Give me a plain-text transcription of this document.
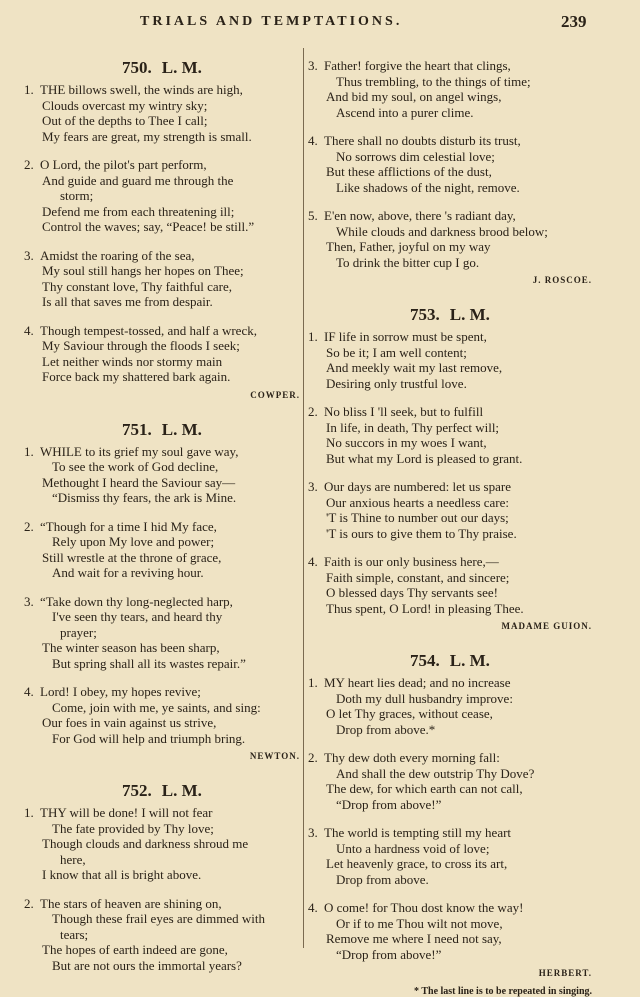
TRIALS AND TEMPTATIONS.	239
750. L. M.
1. THE billows swell, the winds are high,
Clouds overcast my wintry sky;
Out of the depths to Thee I call;
My fears are great, my strength is small.
2. O Lord, the pilot's part perform,
And guide and guard me through the
storm;
Defend me from each threatening ill;
Control the waves; say, “Peace! be still.”
3. Amidst the roaring of the sea,
My soul still hangs her hopes on Thee;
Thy constant love, Thy faithful care,
Is all that saves me from despair.
4. Though tempest-tossed, and half a wreck,
My Saviour through the floods I seek;
Let neither winds nor stormy main
Force back my shattered bark again.
COWPER.
751. L. M.
1. WHILE to its grief my soul gave way,
To see the work of God decline,
Methought I heard the Saviour say—
“Dismiss thy fears, the ark is Mine.
2. “Though for a time I hid My face,
Rely upon My love and power;
Still wrestle at the throne of grace,
And wait for a reviving hour.
3. “Take down thy long-neglected harp,
I've seen thy tears, and heard thy
prayer;
The winter season has been sharp,
But spring shall all its wastes repair.”
4. Lord! I obey, my hopes revive;
Come, join with me, ye saints, and sing:
Our foes in vain against us strive,
For God will help and triumph bring.
NEWTON.
752. L. M.
1. THY will be done! I will not fear
The fate provided by Thy love;
Though clouds and darkness shroud me
here,
I know that all is bright above.
2. The stars of heaven are shining on,
Though these frail eyes are dimmed with
tears;
The hopes of earth indeed are gone,
But are not ours the immortal years?
3. Father! forgive the heart that clings,
Thus trembling, to the things of time;
And bid my soul, on angel wings,
Ascend into a purer clime.
4. There shall no doubts disturb its trust,
No sorrows dim celestial love;
But these afflictions of the dust,
Like shadows of the night, remove.
5. E'en now, above, there 's radiant day,
While clouds and darkness brood below;
Then, Father, joyful on my way
To drink the bitter cup I go.
J. ROSCOE.
753. L. M.
1. IF life in sorrow must be spent,
So be it; I am well content;
And meekly wait my last remove,
Desiring only trustful love.
2. No bliss I 'll seek, but to fulfill
In life, in death, Thy perfect will;
No succors in my woes I want,
But what my Lord is pleased to grant.
3. Our days are numbered: let us spare
Our anxious hearts a needless care:
'T is Thine to number out our days;
'T is ours to give them to Thy praise.
4. Faith is our only business here,—
Faith simple, constant, and sincere;
O blessed days Thy servants see!
Thus spent, O Lord! in pleasing Thee.
MADAME GUION.
754. L. M.
1. MY heart lies dead; and no increase
Doth my dull husbandry improve:
O let Thy graces, without cease,
Drop from above.*
2. Thy dew doth every morning fall:
And shall the dew outstrip Thy Dove?
The dew, for which earth can not call,
“Drop from above!”
3. The world is tempting still my heart
Unto a hardness void of love;
Let heavenly grace, to cross its art,
Drop from above.
4. O come! for Thou dost know the way!
Or if to me Thou wilt not move,
Remove me where I need not say,
“Drop from above!”
HERBERT.
* The last line is to be repeated in singing.
